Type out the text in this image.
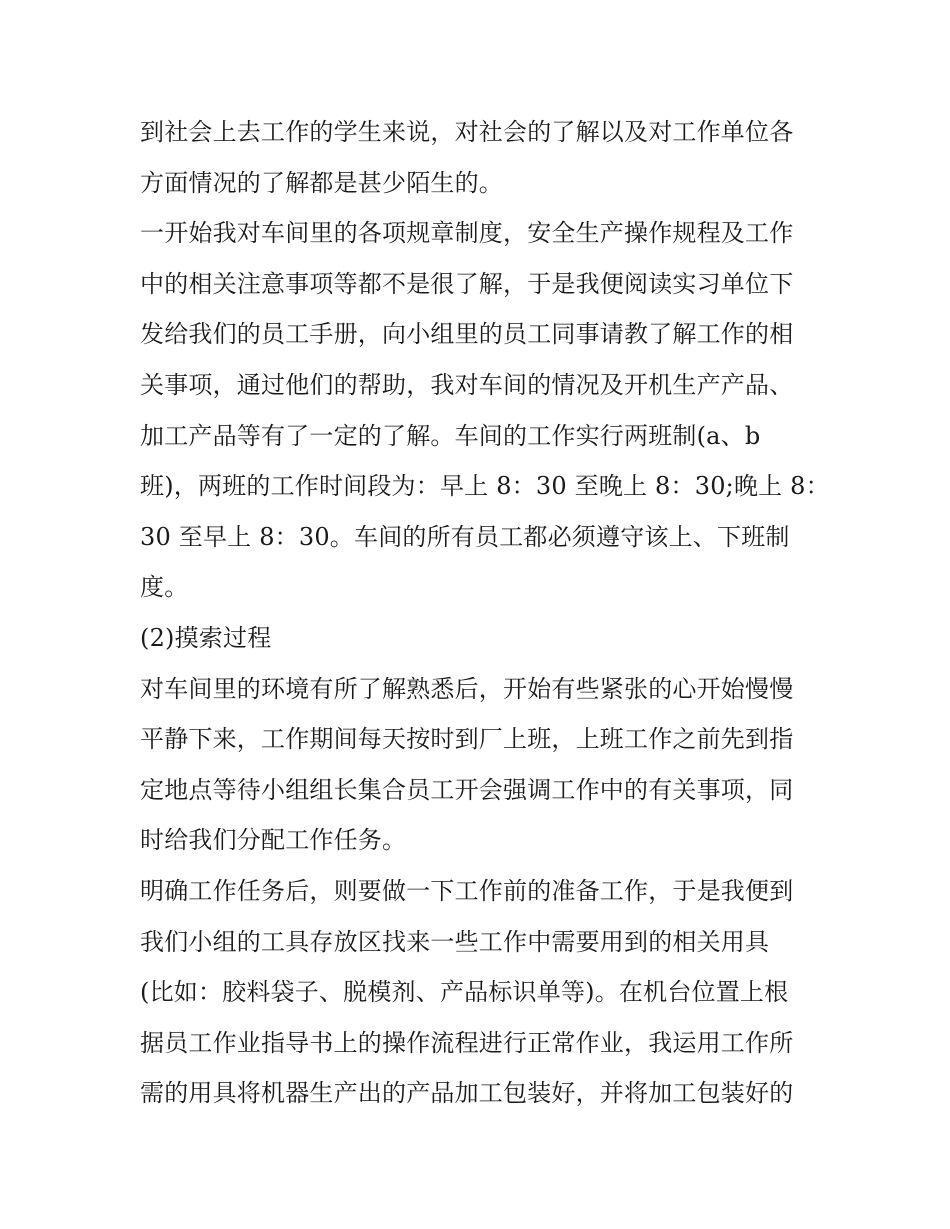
到社会上去工作的学生来说，对社会的了解以及对工作单位各
方面情况的了解都是甚少陌生的。
一开始我对车间里的各项规章制度，安全生产操作规程及工作
中的相关注意事项等都不是很了解，于是我便阅读实习单位下
发给我们的员工手册，向小组里的员工同事请教了解工作的相
关事项，通过他们的帮助，我对车间的情况及开机生产产品、
加工产品等有了一定的了解。车间的工作实行两班制(a、b
班)，两班的工作时间段为：早上 8：30 至晚上 8：30;晚上 8：
30 至早上 8：30。车间的所有员工都必须遵守该上、下班制
度。
(2)摸索过程
对车间里的环境有所了解熟悉后，开始有些紧张的心开始慢慢
平静下来，工作期间每天按时到厂上班，上班工作之前先到指
定地点等待小组组长集合员工开会强调工作中的有关事项，同
时给我们分配工作任务。
明确工作任务后，则要做一下工作前的准备工作，于是我便到
我们小组的工具存放区找来一些工作中需要用到的相关用具
(比如：胶料袋子、脱模剂、产品标识单等)。在机台位置上根
据员工作业指导书上的操作流程进行正常作业，我运用工作所
需的用具将机器生产出的产品加工包装好，并将加工包装好的
